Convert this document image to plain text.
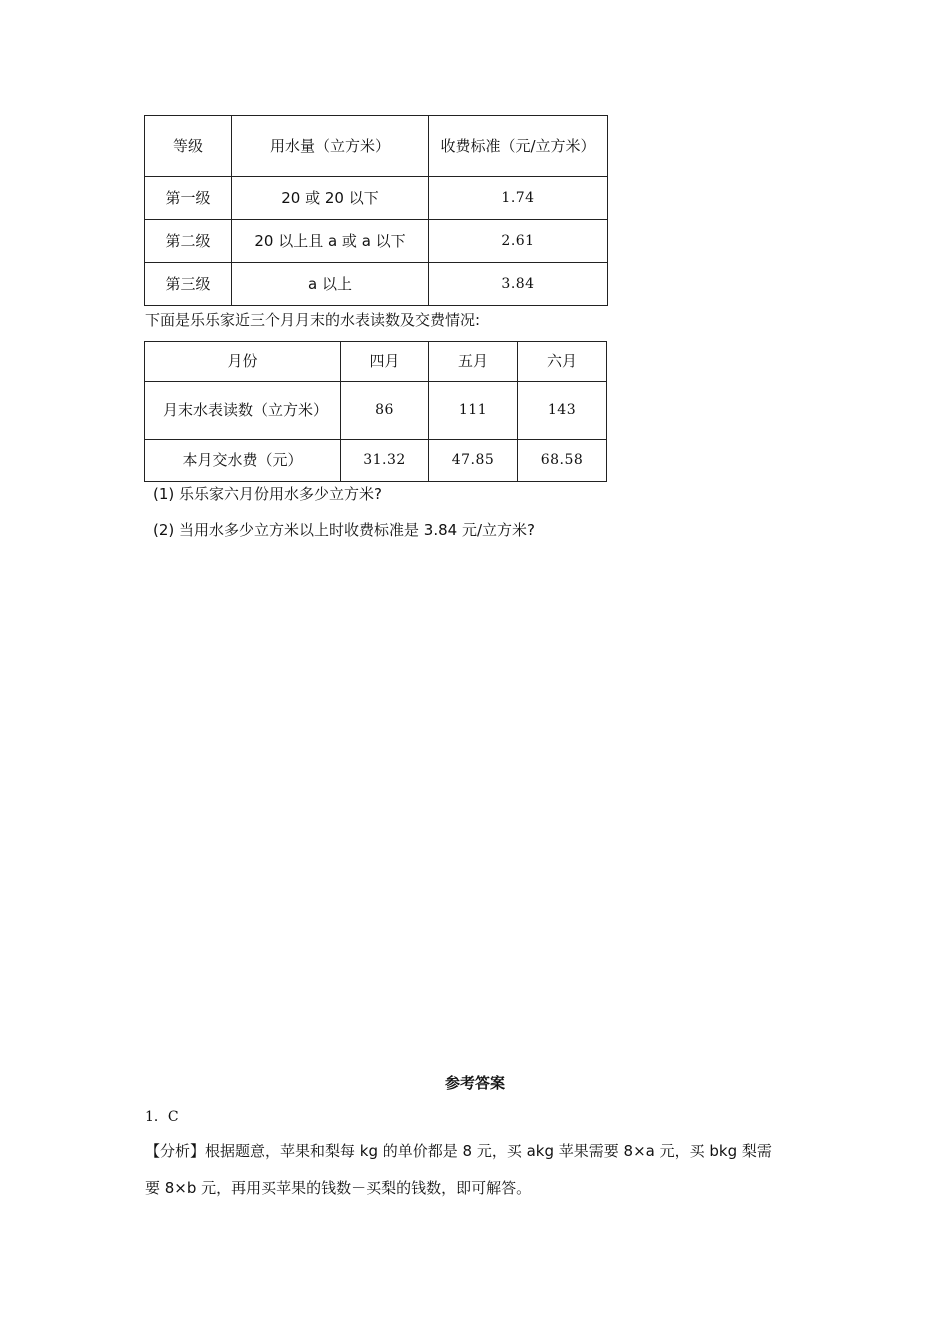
等级	用水量（立方米）	收费标准（元/立方米）
第一级	20 或 20 以下	1.74
第二级	20 以上且 a 或 a 以下	2.61
第三级	a 以上	3.84
下面是乐乐家近三个月月末的水表读数及交费情况:
月份	四月	五月	六月
月末水表读数（立方米）	86	111	143
本月交水费（元）	31.32	47.85	68.58
(1) 乐乐家六月份用水多少立方米?
(2) 当用水多少立方米以上时收费标准是 3.84 元/立方米?
参考答案
1．C
【分析】根据题意，苹果和梨每 kg 的单价都是 8 元，买 akg 苹果需要 8×a 元，买 bkg 梨需
要 8×b 元，再用买苹果的钱数－买梨的钱数，即可解答。
